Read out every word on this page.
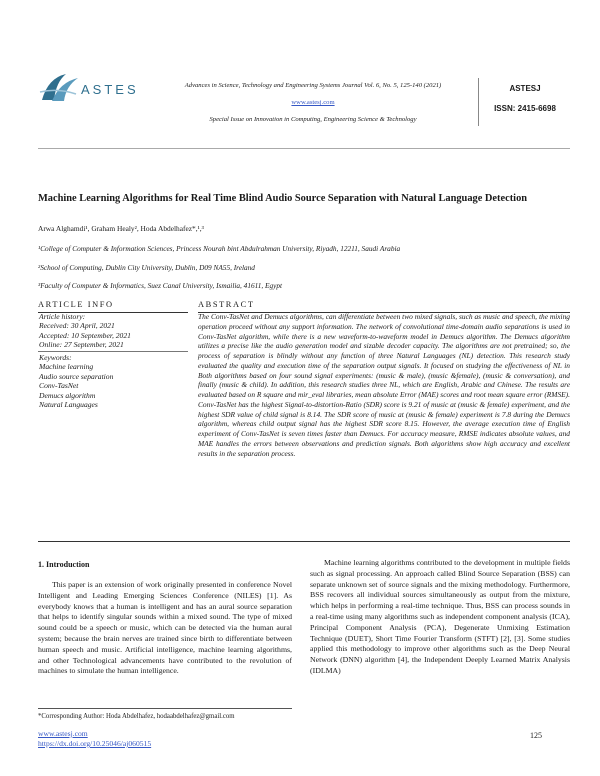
ASTES	Advances in Science, Technology and Engineering Systems Journal Vol. 6, No. 5, 125-140 (2021)
www.astesj.com
Special Issue on Innovation in Computing, Engineering Science & Technology
ASTESJ
ISSN: 2415-6698
Machine Learning Algorithms for Real Time Blind Audio Source Separation with Natural Language Detection
Arwa Alghamdi¹, Graham Healy², Hoda Abdelhafez*,¹,³
¹College of Computer & Information Sciences, Princess Nourah bint Abdulrahman University, Riyadh, 12211, Saudi Arabia
²School of Computing, Dublin City University, Dublin, D09 NA55, Ireland
³Faculty of Computer & Informatics, Suez Canal University, Ismailia, 41611, Egypt
ARTICLE INFO
Article history:
Received: 30 April, 2021
Accepted: 10 September, 2021
Online: 27 September, 2021
Keywords:
Machine learning
Audio source separation
Conv-TasNet
Demucs algorithm
Natural Languages
ABSTRACT
The Conv-TasNet and Demucs algorithms, can differentiate between two mixed signals, such as music and speech, the mixing operation proceed without any support information. The network of convolutional time-domain audio separations is used in Conv-TasNet algorithm, while there is a new waveform-to-waveform model in Demucs algorithm. The Demucs algorithm utilizes a precise like the audio generation model and sizable decoder capacity. The algorithms are not pretrained; so, the process of separation is blindly without any function of three Natural Languages (NL) detection. This research study evaluated the quality and execution time of the separation output signals. It focused on studying the effectiveness of NL in Both algorithms based on four sound signal experiments: (music & male), (music &female), (music & conversation), and finally (music & child). In addition, this research studies three NL, which are English, Arabic and Chinese. The results are evaluated based on R square and mir_eval libraries, mean absolute Error (MAE) scores and root mean square error (RMSE). Conv-TasNet has the highest Signal-to-distortion-Ratio (SDR) score is 9.21 of music at (music & female) experiment, and the highest SDR value of child signal is 8.14. The SDR score of music at (music & female) experiment is 7.8 during the Demucs algorithm, whereas child output signal has the highest SDR score 8.15. However, the average execution time of English experiment of Conv-TasNet is seven times faster than Demucs. For accuracy measure, RMSE indicates absolute values, and MAE handles the errors between observations and prediction signals. Both algorithms show high accuracy and excellent results in the separation process.
1. Introduction

This paper is an extension of work originally presented in conference Novel Intelligent and Leading Emerging Sciences Conference (NILES) [1]. As everybody knows that a human is intelligent and has an aural source separation that helps to identify singular sounds within a mixed sound. The type of mixed sound could be a speech or music, which can be detected via the human aural system; because the brain nerves are trained since birth to differentiate between human speech and music. Artificial intelligence, machine learning algorithms, and other Technological advancements have contributed to the revolution of machines to simulate the human intelligence.

Machine learning algorithms contributed to the development in multiple fields such as signal processing. An approach called Blind Source Separation (BSS) can separate unknown set of source signals and the mixing methodology. Furthermore, BSS recovers all individual sources simultaneously as output from the mixture, which helps in performing a real-time technique. Thus, BSS can process sounds in a real-time using many algorithms such as independent component analysis (ICA), Principal Component Analysis (PCA), Degenerate Unmixing Estimation Technique (DUET), Short Time Fourier Transform (STFT) [2], [3]. Some studies applied this methodology to improve other algorithms such as the Deep Neural Network (DNN) algorithm [4], the Independent Deeply Learned Matrix Analysis (IDLMA)

*Corresponding Author: Hoda Abdelhafez, hodaabdelhafez@gmail.com
www.astesj.com
https://dx.doi.org/10.25046/aj060515
125
